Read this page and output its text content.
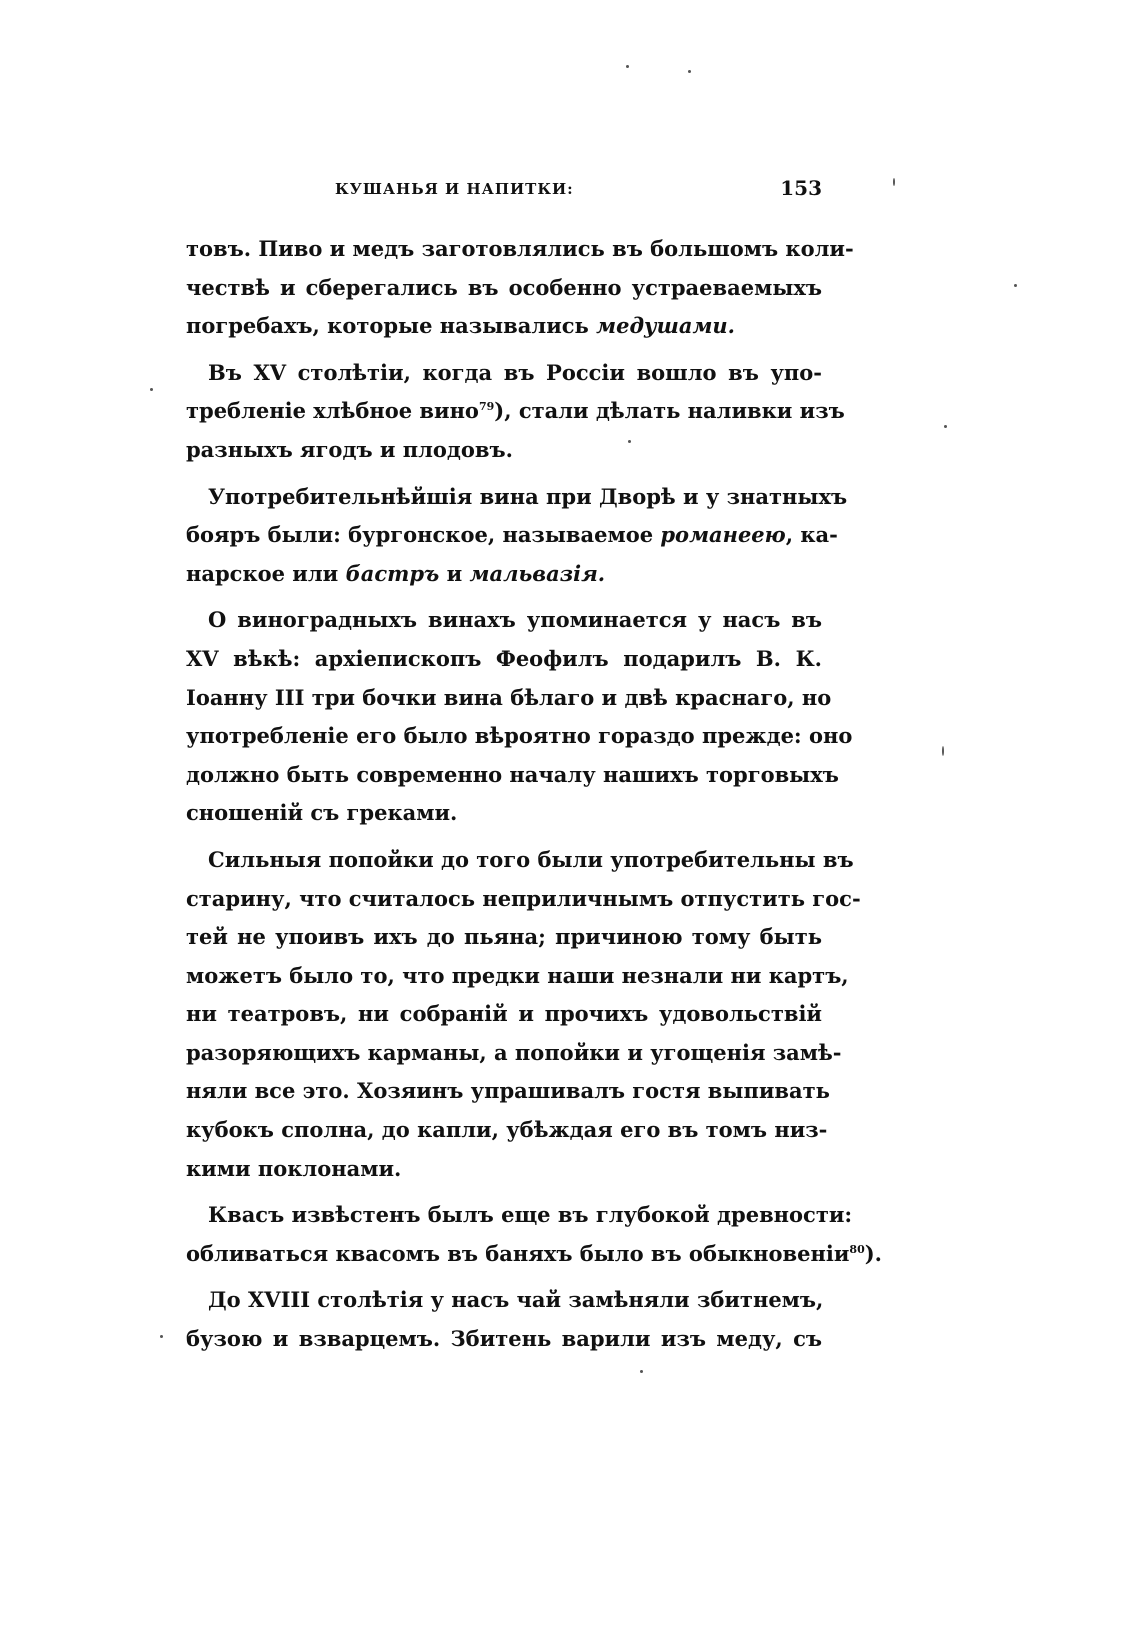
КУШАНЬЯ И НАПИТКИ:	153
товъ. Пиво и медъ заготовлялись въ большомъ коли-
чествѣ и сберегались въ особенно устраеваемыхъ
погребахъ, которые назывались медушами.
Въ XV столѣтіи, когда въ Россіи вошло въ упо-
требленіе хлѣбное вино$^{79}$), стали дѣлать наливки изъ
разныхъ ягодъ и плодовъ.
Употребительнѣйшія вина при Дворѣ и у знатныхъ
бояръ были: бургонское, называемое романеею, ка-
нарское или бастръ и мальвазія.
О виноградныхъ винахъ упоминается у насъ въ
XV вѣкѣ: архіепископъ Феофилъ подарилъ В. К.
Іоанну III три бочки вина бѣлаго и двѣ краснаго, но
употребленіе его было вѣроятно гораздо прежде: оно
должно быть современно началу нашихъ торговыхъ
сношеній съ греками.
Сильныя попойки до того были употребительны въ
старину, что считалось неприличнымъ отпустить гос-
тей не упоивъ ихъ до пьяна; причиною тому быть
можетъ было то, что предки наши незнали ни картъ,
ни театровъ, ни собраній и прочихъ удовольствій
разоряющихъ карманы, а попойки и угощенія замѣ-
няли все это. Хозяинъ упрашивалъ гостя выпивать
кубокъ сполна, до капли, убѣждая его въ томъ низ-
кими поклонами.
Квасъ извѣстенъ былъ еще въ глубокой древности:
обливаться квасомъ въ баняхъ было въ обыкновеніи$^{80}$).
До XVIII столѣтія у насъ чай замѣняли збитнемъ,
бузою и взварцемъ. Збитень варили изъ меду, съ
